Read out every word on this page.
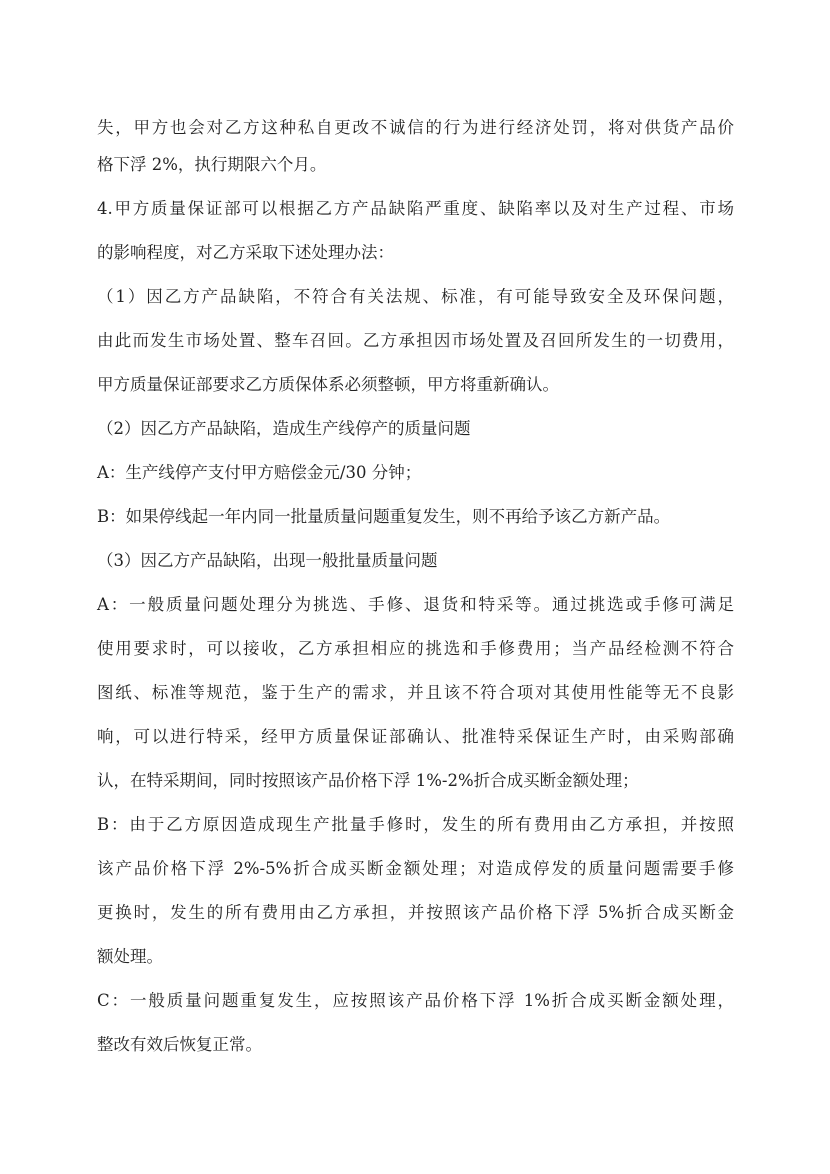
失，甲方也会对乙方这种私自更改不诚信的行为进行经济处罚，将对供货产品价
格下浮 2%，执行期限六个月。
4.甲方质量保证部可以根据乙方产品缺陷严重度、缺陷率以及对生产过程、市场
的影响程度，对乙方采取下述处理办法：
（1）因乙方产品缺陷，不符合有关法规、标准，有可能导致安全及环保问题，
由此而发生市场处置、整车召回。乙方承担因市场处置及召回所发生的一切费用，
甲方质量保证部要求乙方质保体系必须整顿，甲方将重新确认。
（2）因乙方产品缺陷，造成生产线停产的质量问题
A：生产线停产支付甲方赔偿金元/30 分钟；
B：如果停线起一年内同一批量质量问题重复发生，则不再给予该乙方新产品。
（3）因乙方产品缺陷，出现一般批量质量问题
A：一般质量问题处理分为挑选、手修、退货和特采等。通过挑选或手修可满足
使用要求时，可以接收，乙方承担相应的挑选和手修费用；当产品经检测不符合
图纸、标准等规范，鉴于生产的需求，并且该不符合项对其使用性能等无不良影
响，可以进行特采，经甲方质量保证部确认、批准特采保证生产时，由采购部确
认，在特采期间，同时按照该产品价格下浮 1%-2%折合成买断金额处理；
B：由于乙方原因造成现生产批量手修时，发生的所有费用由乙方承担，并按照
该产品价格下浮 2%-5%折合成买断金额处理；对造成停发的质量问题需要手修
更换时，发生的所有费用由乙方承担，并按照该产品价格下浮 5%折合成买断金
额处理。
C：一般质量问题重复发生，应按照该产品价格下浮 1%折合成买断金额处理，
整改有效后恢复正常。
